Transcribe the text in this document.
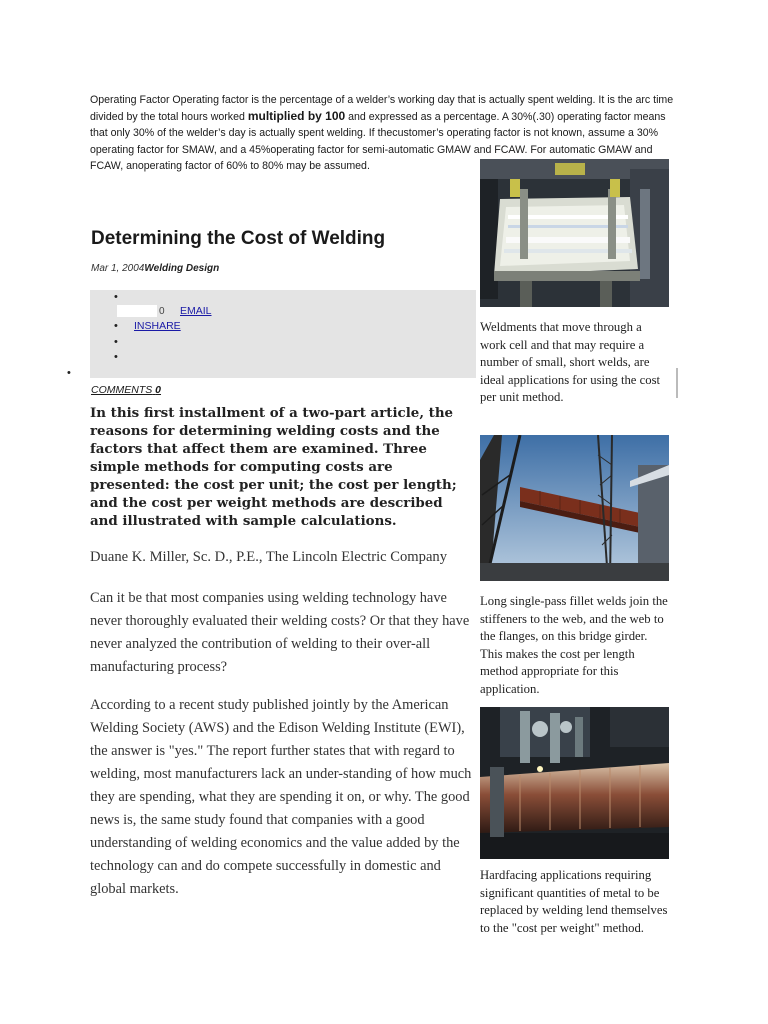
Operating Factor Operating factor is the percentage of a welder’s working day that is actually spent welding. It is the arc time divided by the total hours worked multiplied by 100 and expressed as a percentage. A 30%(.30) operating factor means that only 30% of the welder’s day is actually spent welding. If thecustomer’s operating factor is not known, assume a 30% operating factor for SMAW, and a 45%operating factor for semi-automatic GMAW and FCAW. For automatic GMAW and FCAW, anoperating factor of 60% to 80% may be assumed.
Determining the Cost of Welding
Mar 1, 2004Welding Design
•
0 EMAIL
• INSHARE
•
•
•
COMMENTS 0
In this first installment of a two-part article, the reasons for determining welding costs and the factors that affect them are examined. Three simple methods for computing costs are presented: the cost per unit; the cost per length; and the cost per weight methods are described and illustrated with sample calculations.
Duane K. Miller, Sc. D., P.E., The Lincoln Electric Company
Can it be that most companies using welding technology have never thoroughly evaluated their welding costs? Or that they have never analyzed the contribution of welding to their over-all manufacturing process?
According to a recent study published jointly by the American Welding Society (AWS) and the Edison Welding Institute (EWI), the answer is "yes." The report further states that with regard to welding, most manufacturers lack an under-standing of how much they are spending, what they are spending it on, or why. The good news is, the same study found that companies with a good understanding of welding economics and the value added by the technology can and do compete successfully in domestic and global markets.
Weldments that move through a work cell and that may require a number of small, short welds, are ideal applications for using the cost per unit method.
Long single-pass fillet welds join the stiffeners to the web, and the web to the flanges, on this bridge girder. This makes the cost per length method appropriate for this application.
Hardfacing applications requiring significant quantities of metal to be replaced by welding lend themselves to the "cost per weight" method.
